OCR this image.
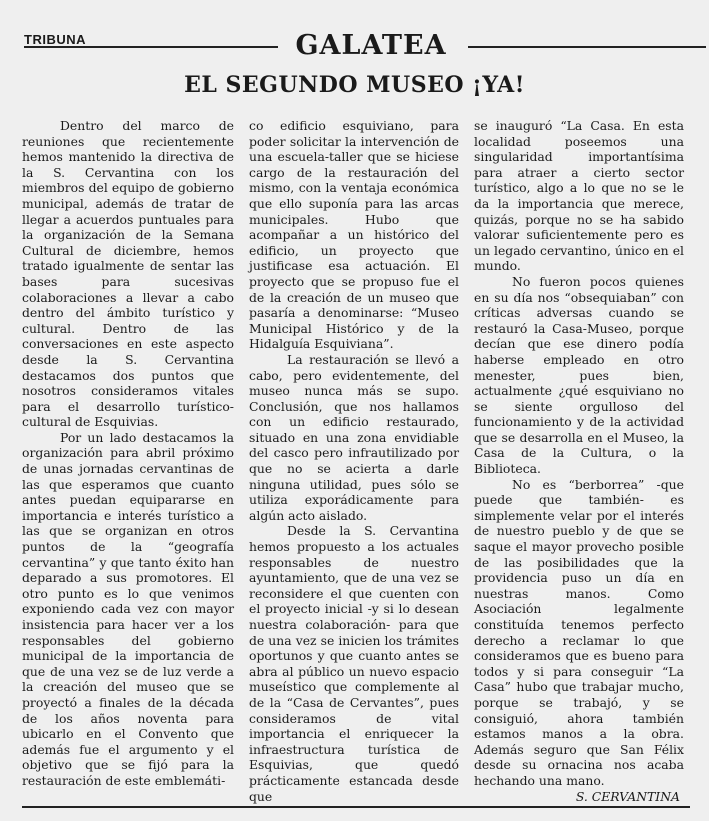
TRIBUNA	GALATEA
EL SEGUNDO MUSEO ¡YA!

Dentro del marco de reuniones que recientemente hemos mantenido la directiva de la S. Cervantina con los miembros del equipo de gobierno municipal, además de tratar de llegar a acuerdos puntuales para la organización de la Semana Cultural de diciembre, hemos tratado igualmente de sentar las bases para sucesivas colaboraciones a llevar a cabo dentro del ámbito turístico y cultural. Dentro de las conversaciones en este aspecto desde la S. Cervantina destacamos dos puntos que nosotros consideramos vitales para el desarrollo turístico-cultural de Esquivias.

Por un lado destacamos la organización para abril próximo de unas jornadas cervantinas de las que esperamos que cuanto antes puedan equipararse en importancia e interés turístico a las que se organizan en otros puntos de la “geografía cervantina” y que tanto éxito han deparado a sus promotores. El otro punto es lo que venimos exponiendo cada vez con mayor insistencia para hacer ver a los responsables del gobierno municipal de la importancia de que de una vez se de luz verde a la creación del museo que se proyectó a finales de la década de los años noventa para ubicarlo en el Convento que además fue el argumento y el objetivo que se fijó para la restauración de este emblemáti-

co edificio esquiviano, para poder solicitar la intervención de una escuela-taller que se hiciese cargo de la restauración del mismo, con la ventaja económica que ello suponía para las arcas municipales. Hubo que acompañar a un histórico del edificio, un proyecto que justificase esa actuación. El proyecto que se propuso fue el de la creación de un museo que pasaría a denominarse: “Museo Municipal Histórico y de la Hidalguía Esquiviana”.

La restauración se llevó a cabo, pero evidentemente, del museo nunca más se supo. Conclusión, que nos hallamos con un edificio restaurado, situado en una zona envidiable del casco pero infrautilizado por que no se acierta a darle ninguna utilidad, pues sólo se utiliza exporádicamente para algún acto aislado.

Desde la S. Cervantina hemos propuesto a los actuales responsables de nuestro ayuntamiento, que de una vez se reconsidere el que cuenten con el proyecto inicial -y si lo desean nuestra colaboración- para que de una vez se inicien los trámites oportunos y que cuanto antes se abra al público un nuevo espacio museístico que complemente al de la “Casa de Cervantes”, pues consideramos de vital importancia el enriquecer la infraestructura turística de Esquivias, que quedó prácticamente estancada desde que

se inauguró “La Casa. En esta localidad poseemos una singularidad importantísima para atraer a cierto sector turístico, algo a lo que no se le da la importancia que merece, quizás, porque no se ha sabido valorar suficientemente pero es un legado cervantino, único en el mundo.

No fueron pocos quienes en su día nos “obsequiaban” con críticas adversas cuando se restauró la Casa-Museo, porque decían que ese dinero podía haberse empleado en otro menester, pues bien, actualmente ¿qué esquiviano no se siente orgulloso del funcionamiento y de la actividad que se desarrolla en el Museo, la Casa de la Cultura, o la Biblioteca.

No es “berborrea” -que puede que también- es simplemente velar por el interés de nuestro pueblo y de que se saque el mayor provecho posible de las posibilidades que la providencia puso un día en nuestras manos. Como Asociación legalmente constituída tenemos perfecto derecho a reclamar lo que consideramos que es bueno para todos y si para conseguir “La Casa” hubo que trabajar mucho, porque se trabajó, y se consiguió, ahora también estamos manos a la obra. Además seguro que San Félix desde su ornacina nos acaba hechando una mano.

S. CERVANTINA
